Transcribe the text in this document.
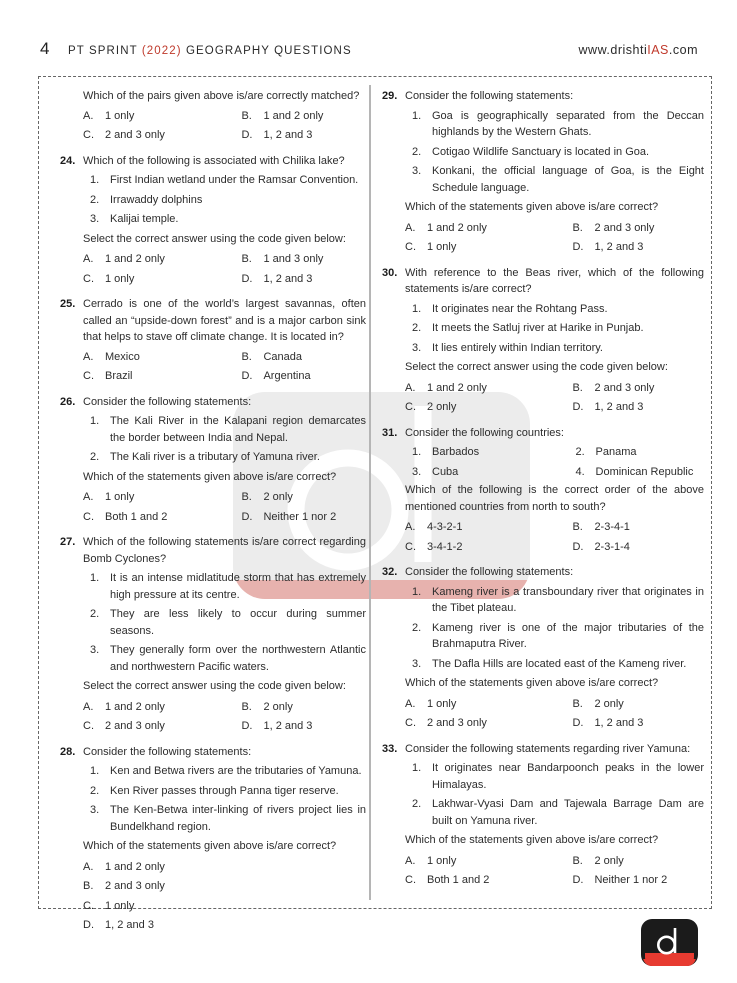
4 PT SPRINT (2022) GEOGRAPHY QUESTIONS	www.drishtiIAS.com

Which of the pairs given above is/are correctly matched?

A.	1 only	B.	1 and 2 only
C.	2 and 3 only	D.	1, 2 and 3
24. Which of the following is associated with Chilika lake?

1. First Indian wetland under the Ramsar Convention.
2. Irrawaddy dolphins
3. Kalijai temple.

Select the correct answer using the code given below:

A.	1 and 2 only	B.	1 and 3 only
C.	1 only	D.	1, 2 and 3
25. Cerrado is one of the world’s largest savannas, often called an “upside-down forest” and is a major carbon sink that helps to stave off climate change. It is located in?

A.	Mexico	B.	Canada
C.	Brazil	D.	Argentina
26. Consider the following statements:

1. The Kali River in the Kalapani region demarcates the border between India and Nepal.
2. The Kali river is a tributary of Yamuna river.

Which of the statements given above is/are correct?

A.	1 only	B.	2 only
C.	Both 1 and 2	D.	Neither 1 nor 2
27. Which of the following statements is/are correct regarding Bomb Cyclones?

1. It is an intense midlatitude storm that has extremely high pressure at its centre.
2. They are less likely to occur during summer seasons.
3. They generally form over the northwestern Atlantic and northwestern Pacific waters.

Select the correct answer using the code given below:

A.	1 and 2 only	B.	2 only
C.	2 and 3 only	D.	1, 2 and 3
28. Consider the following statements:

1. Ken and Betwa rivers are the tributaries of Yamuna.
2. Ken River passes through Panna tiger reserve.
3. The Ken-Betwa inter-linking of rivers project lies in Bundelkhand region.

Which of the statements given above is/are correct?

A.	1 and 2 only
B.	2 and 3 only
C.	1 only
D.	1, 2 and 3
29. Consider the following statements:

1. Goa is geographically separated from the Deccan highlands by the Western Ghats.
2. Cotigao Wildlife Sanctuary is located in Goa.
3. Konkani, the official language of Goa, is the Eight Schedule language.

Which of the statements given above is/are correct?

A.	1 and 2 only	B.	2 and 3 only
C.	1 only	D.	1, 2 and 3
30. With reference to the Beas river, which of the following statements is/are correct?

1. It originates near the Rohtang Pass.
2. It meets the Satluj river at Harike in Punjab.
3. It lies entirely within Indian territory.

Select the correct answer using the code given below:

A.	1 and 2 only	B.	2 and 3 only
C.	2 only	D.	1, 2 and 3
31. Consider the following countries:

1. Barbados	2. Panama
3. Cuba	4. Dominican Republic

Which of the following is the correct order of the above mentioned countries from north to south?

A.	4-3-2-1	B.	2-3-4-1
C.	3-4-1-2	D.	2-3-1-4
32. Consider the following statements:

1. Kameng river is a transboundary river that originates in the Tibet plateau.
2. Kameng river is one of the major tributaries of the Brahmaputra River.
3. The Dafla Hills are located east of the Kameng river.

Which of the statements given above is/are correct?

A.	1 only	B.	2 only
C.	2 and 3 only	D.	1, 2 and 3
33. Consider the following statements regarding river Yamuna:

1. It originates near Bandarpoonch peaks in the lower Himalayas.
2. Lakhwar-Vyasi Dam and Tajewala Barrage Dam are built on Yamuna river.

Which of the statements given above is/are correct?

A.	1 only	B.	2 only
C.	Both 1 and 2	D.	Neither 1 nor 2
